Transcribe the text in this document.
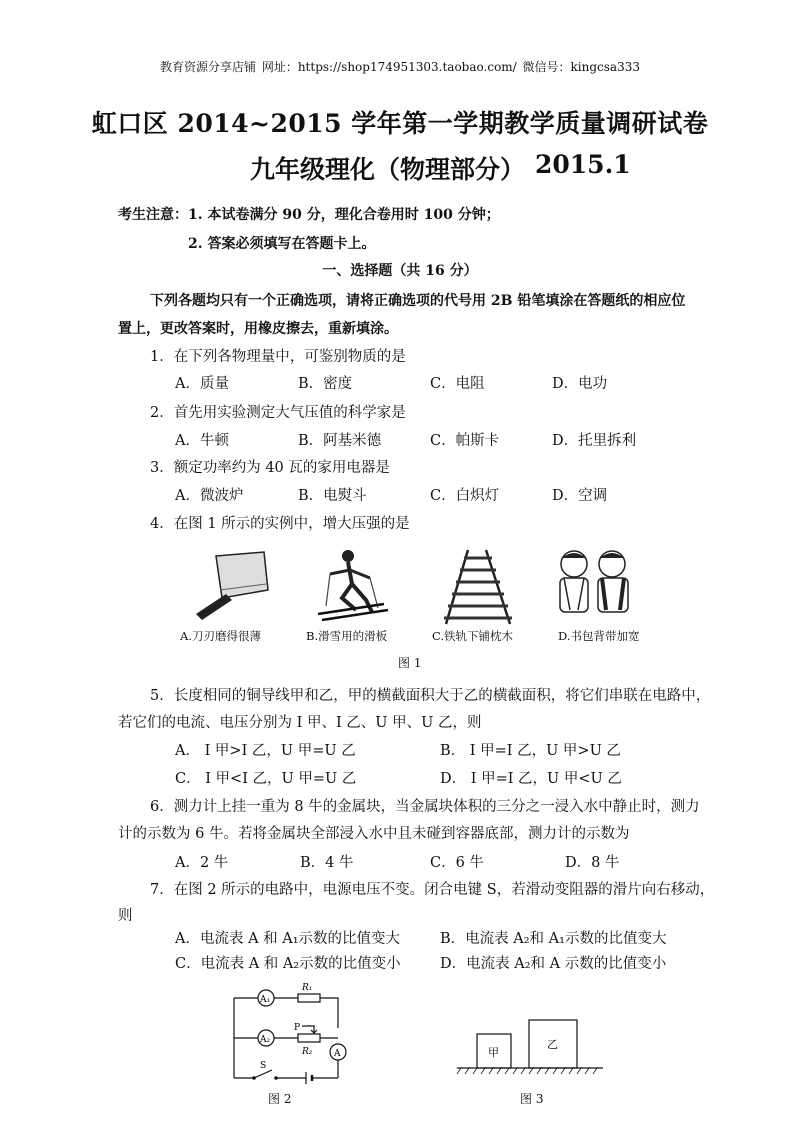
教育资源分享店铺 网址：https://shop174951303.taobao.com/ 微信号：kingcsa333
虹口区 2014~2015 学年第一学期教学质量调研试卷
九年级理化（物理部分） 2015.1
考生注意： 1. 本试卷满分 90 分，理化合卷用时 100 分钟；
2. 答案必须填写在答题卡上。
一、选择题（共 16 分）
下列各题均只有一个正确选项，请将正确选项的代号用 2B 铅笔填涂在答题纸的相应位
置上，更改答案时，用橡皮擦去，重新填涂。
1．在下列各物理量中，可鉴别物质的是
A．质量	B．密度	C．电阻	D．电功
2．首先用实验测定大气压值的科学家是
A．牛顿	B．阿基米德	C．帕斯卡	D．托里拆利
3．额定功率约为 40 瓦的家用电器是
A．微波炉	B．电熨斗	C．白炽灯	D．空调
4．在图 1 所示的实例中，增大压强的是
A.刀刃磨得很薄	B.滑雪用的滑板	C.铁轨下铺枕木	D.书包背带加宽
图 1
5．长度相同的铜导线甲和乙，甲的横截面积大于乙的横截面积，将它们串联在电路中，
若它们的电流、电压分别为 I 甲、I 乙、U 甲、U 乙，则
A． I 甲>I 乙，U 甲=U 乙	B． I 甲=I 乙，U 甲>U 乙
C． I 甲<I 乙，U 甲=U 乙	D． I 甲=I 乙，U 甲<U 乙
6．测力计上挂一重为 8 牛的金属块，当金属块体积的三分之一浸入水中静止时，测力
计的示数为 6 牛。若将金属块全部浸入水中且未碰到容器底部，测力计的示数为
A．2 牛	B．4 牛	C．6 牛	D．8 牛
7．在图 2 所示的电路中，电源电压不变。闭合电键 S，若滑动变阻器的滑片向右移动，
则
A．电流表 A 和 A₁示数的比值变大	B．电流表 A₂和 A₁示数的比值变大
C．电流表 A 和 A₂示数的比值变小	D．电流表 A₂和 A 示数的比值变小
A₁
A₂
A
R₁
R₂
P
S
图 2
甲
乙
图 3
